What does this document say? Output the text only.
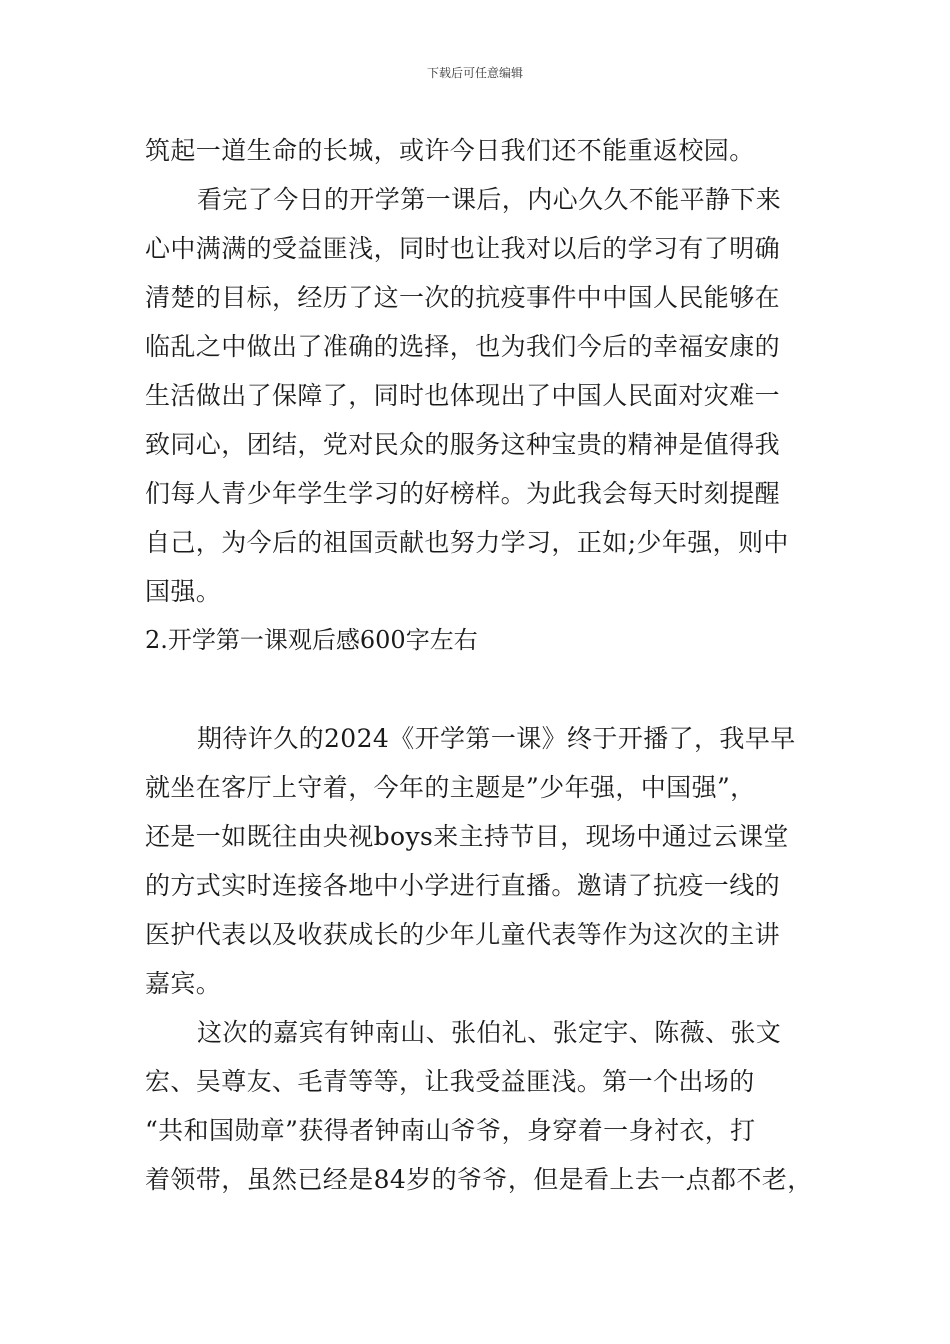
下载后可任意编辑
筑起一道生命的长城，或许今日我们还不能重返校园。
看完了今日的开学第一课后，内心久久不能平静下来
心中满满的受益匪浅，同时也让我对以后的学习有了明确
清楚的目标，经历了这一次的抗疫事件中中国人民能够在
临乱之中做出了准确的选择，也为我们今后的幸福安康的
生活做出了保障了，同时也体现出了中国人民面对灾难一
致同心，团结，党对民众的服务这种宝贵的精神是值得我
们每人青少年学生学习的好榜样。为此我会每天时刻提醒
自己，为今后的祖国贡献也努力学习，正如;少年强，则中
国强。
2.开学第一课观后感600字左右
期待许久的2024《开学第一课》终于开播了，我早早
就坐在客厅上守着，今年的主题是”少年强，中国强”，
还是一如既往由央视boys来主持节目，现场中通过云课堂
的方式实时连接各地中小学进行直播。邀请了抗疫一线的
医护代表以及收获成长的少年儿童代表等作为这次的主讲
嘉宾。
这次的嘉宾有钟南山、张伯礼、张定宇、陈薇、张文
宏、吴尊友、毛青等等，让我受益匪浅。第一个出场的
“共和国勋章”获得者钟南山爷爷，身穿着一身衬衣，打
着领带，虽然已经是84岁的爷爷，但是看上去一点都不老，
